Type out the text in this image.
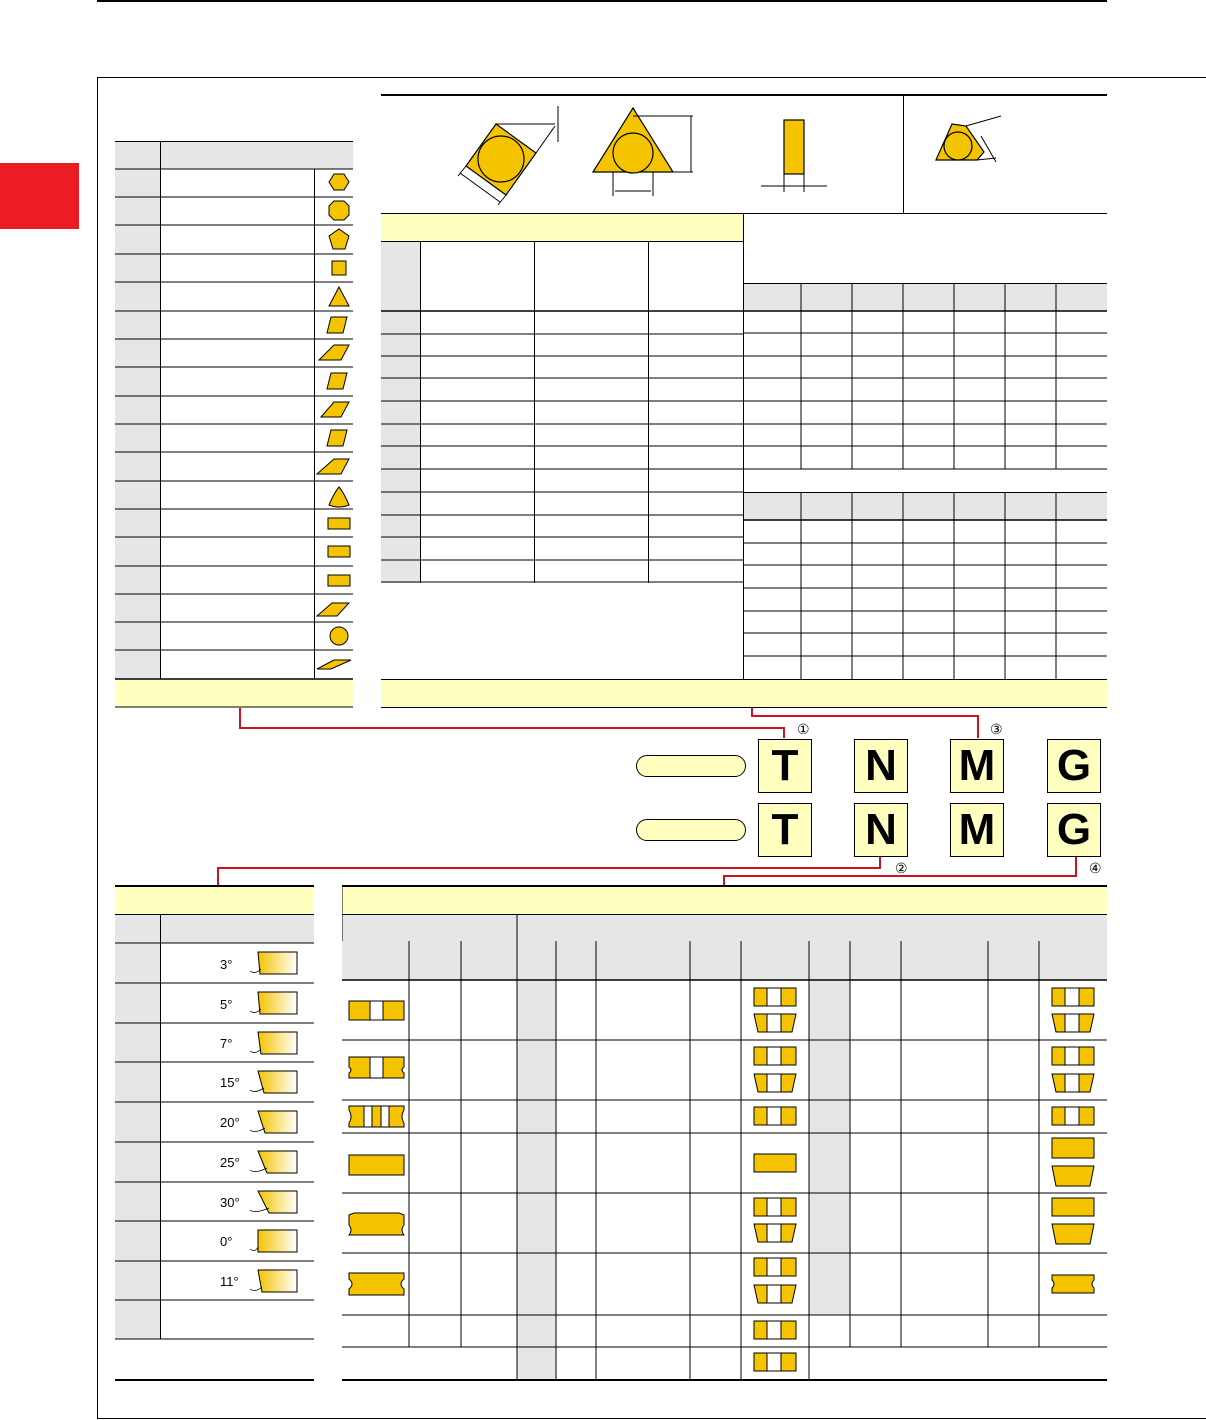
①	③
②	④
T	N M G
T	N M G
3°
5°
7°
15°
20°
25°
30°
0°
11°
